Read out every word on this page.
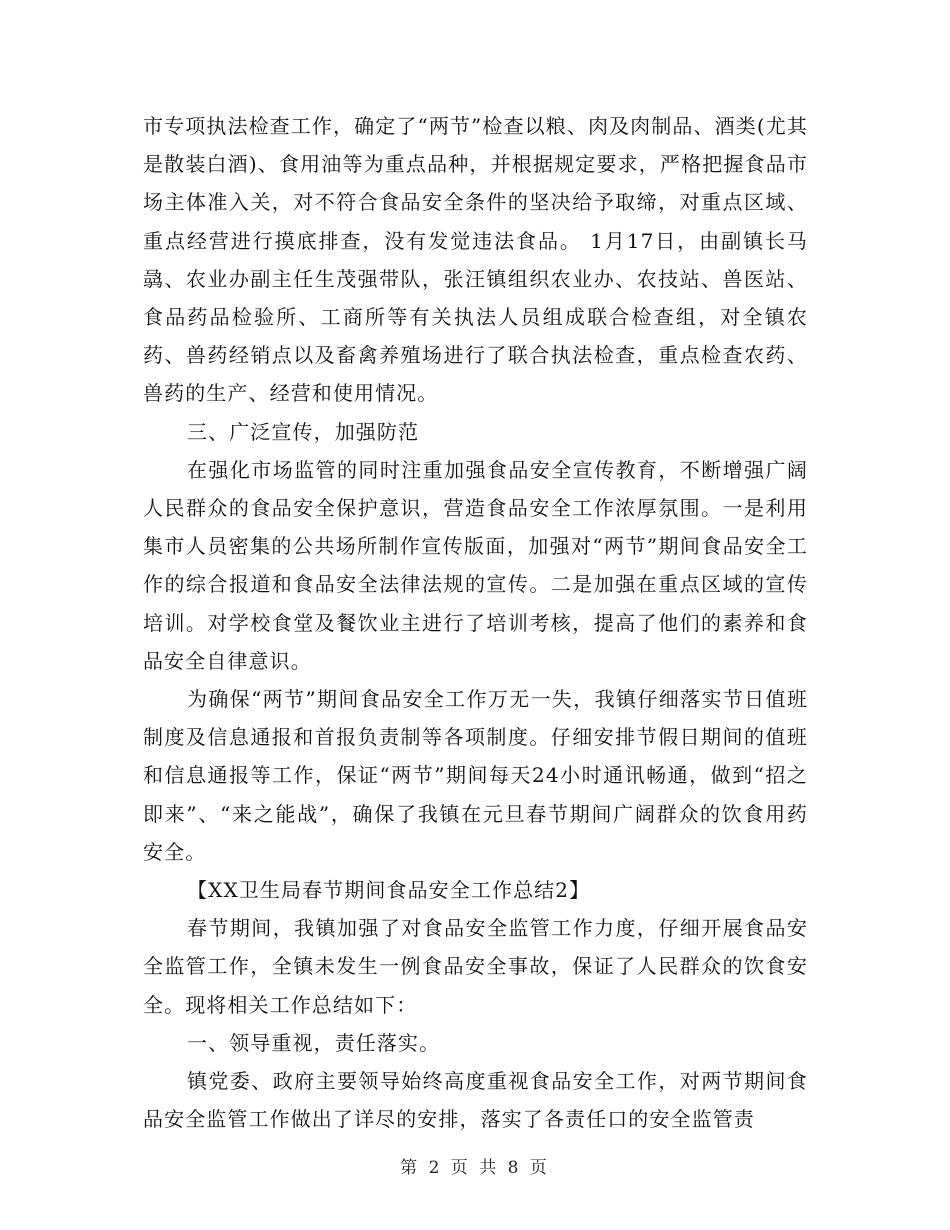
市专项执法检查工作，确定了“两节”检查以粮、肉及肉制品、酒类(尤其是散装白酒)、食用油等为重点品种，并根据规定要求，严格把握食品市场主体准入关，对不符合食品安全条件的坚决给予取缔，对重点区域、重点经营进行摸底排查，没有发觉违法食品。 1月17日，由副镇长马骉、农业办副主任生茂强带队，张汪镇组织农业办、农技站、兽医站、食品药品检验所、工商所等有关执法人员组成联合检查组，对全镇农药、兽药经销点以及畜禽养殖场进行了联合执法检查，重点检查农药、兽药的生产、经营和使用情况。

三、广泛宣传，加强防范

在强化市场监管的同时注重加强食品安全宣传教育，不断增强广阔人民群众的食品安全保护意识，营造食品安全工作浓厚氛围。一是利用集市人员密集的公共场所制作宣传版面，加强对“两节”期间食品安全工作的综合报道和食品安全法律法规的宣传。二是加强在重点区域的宣传培训。对学校食堂及餐饮业主进行了培训考核，提高了他们的素养和食品安全自律意识。

为确保“两节”期间食品安全工作万无一失，我镇仔细落实节日值班制度及信息通报和首报负责制等各项制度。仔细安排节假日期间的值班和信息通报等工作，保证“两节”期间每天24小时通讯畅通，做到“招之即来”、“来之能战”，确保了我镇在元旦春节期间广阔群众的饮食用药安全。

【XX卫生局春节期间食品安全工作总结2】

春节期间，我镇加强了对食品安全监管工作力度，仔细开展食品安全监管工作，全镇未发生一例食品安全事故，保证了人民群众的饮食安全。现将相关工作总结如下：

一、领导重视，责任落实。

镇党委、政府主要领导始终高度重视食品安全工作，对两节期间食品安全监管工作做出了详尽的安排，落实了各责任口的安全监管责

第 2 页 共 8 页
